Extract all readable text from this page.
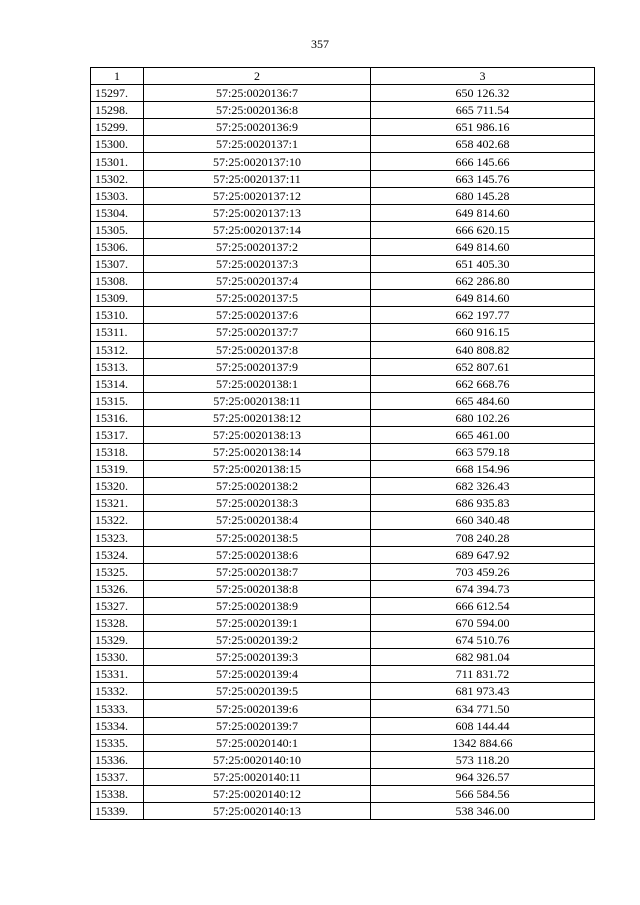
357
1	2	3
15297.	57:25:0020136:7	650 126.32
15298.	57:25:0020136:8	665 711.54
15299.	57:25:0020136:9	651 986.16
15300.	57:25:0020137:1	658 402.68
15301.	57:25:0020137:10	666 145.66
15302.	57:25:0020137:11	663 145.76
15303.	57:25:0020137:12	680 145.28
15304.	57:25:0020137:13	649 814.60
15305.	57:25:0020137:14	666 620.15
15306.	57:25:0020137:2	649 814.60
15307.	57:25:0020137:3	651 405.30
15308.	57:25:0020137:4	662 286.80
15309.	57:25:0020137:5	649 814.60
15310.	57:25:0020137:6	662 197.77
15311.	57:25:0020137:7	660 916.15
15312.	57:25:0020137:8	640 808.82
15313.	57:25:0020137:9	652 807.61
15314.	57:25:0020138:1	662 668.76
15315.	57:25:0020138:11	665 484.60
15316.	57:25:0020138:12	680 102.26
15317.	57:25:0020138:13	665 461.00
15318.	57:25:0020138:14	663 579.18
15319.	57:25:0020138:15	668 154.96
15320.	57:25:0020138:2	682 326.43
15321.	57:25:0020138:3	686 935.83
15322.	57:25:0020138:4	660 340.48
15323.	57:25:0020138:5	708 240.28
15324.	57:25:0020138:6	689 647.92
15325.	57:25:0020138:7	703 459.26
15326.	57:25:0020138:8	674 394.73
15327.	57:25:0020138:9	666 612.54
15328.	57:25:0020139:1	670 594.00
15329.	57:25:0020139:2	674 510.76
15330.	57:25:0020139:3	682 981.04
15331.	57:25:0020139:4	711 831.72
15332.	57:25:0020139:5	681 973.43
15333.	57:25:0020139:6	634 771.50
15334.	57:25:0020139:7	608 144.44
15335.	57:25:0020140:1	1342 884.66
15336.	57:25:0020140:10	573 118.20
15337.	57:25:0020140:11	964 326.57
15338.	57:25:0020140:12	566 584.56
15339.	57:25:0020140:13	538 346.00
